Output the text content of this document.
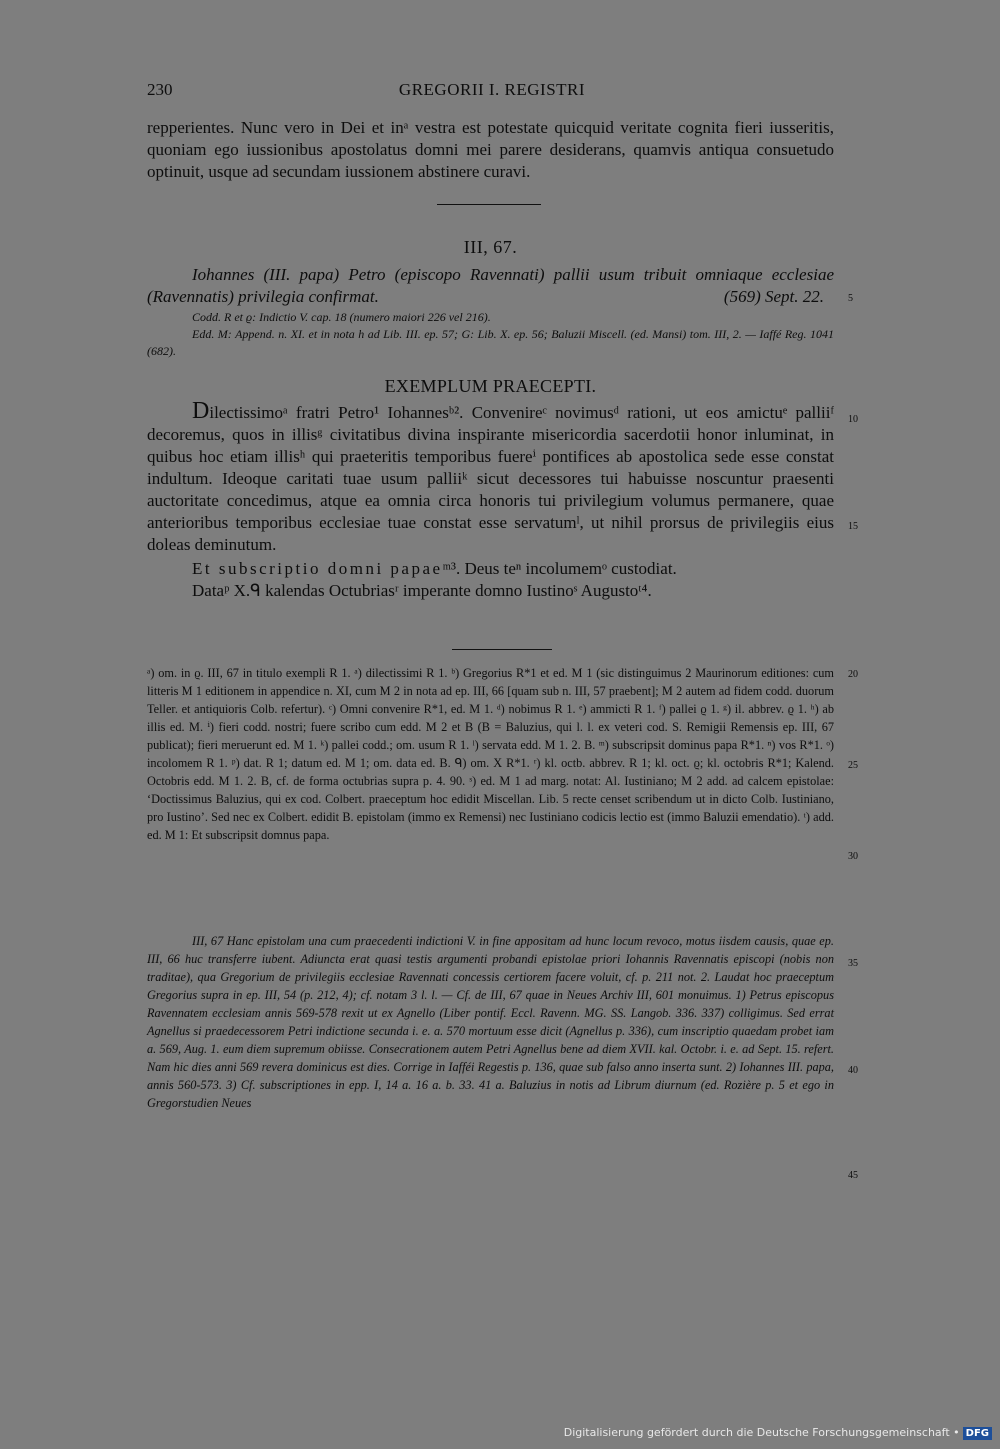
230	GREGORII I. REGISTRI
repperientes. Nunc vero in Dei et inᵃ vestra est potestate quicquid veritate cognita fieri iusseritis, quoniam ego iussionibus apostolatus domni mei parere desiderans, quamvis antiqua consuetudo optinuit, usque ad secundam iussionem abstinere curavi.
III, 67.
Iohannes (III. papa) Petro (episcopo Ravennati) pallii usum tribuit omniaque ecclesiae (Ravennatis) privilegia confirmat.	(569) Sept. 22.
Codd. R et ϱ: Indictio V. cap. 18 (numero maiori 226 vel 216).
Edd. M: Append. n. XI. et in nota h ad Lib. III. ep. 57; G: Lib. X. ep. 56; Baluzii Miscell. (ed. Mansi) tom. III, 2. — Iaffé Reg. 1041 (682).
EXEMPLUM PRAECEPTI.
Dilectissimoᵃ fratri Petro¹ Iohannesᵇ². Convenireᶜ novimusᵈ rationi, ut eos amictuᵉ palliiᶠ decoremus, quos in illisᵍ civitatibus divina inspirante misericordia sacerdotii honor inluminat, in quibus hoc etiam illisʰ qui praeteritis temporibus fuereⁱ pontifices ab apostolica sede esse constat indultum. Ideoque caritati tuae usum palliiᵏ sicut decessores tui habuisse noscuntur praesenti auctoritate concedimus, atque ea omnia circa honoris tui privilegium volumus permanere, quae anterioribus temporibus ecclesiae tuae constat esse servatumˡ, ut nihil prorsus de privilegiis eius doleas deminutum.
Et subscriptio domni papaeᵐ³. Deus teⁿ incolumemᵒ custodiat.
Dataᵖ X.ᑫ kalendas Octubriasʳ imperante domno Iustinoˢ Augustoᵗ⁴.
ᵃ) om. in ϱ. III, 67 in titulo exempli R 1. ᵃ) dilectissimi R 1. ᵇ) Gregorius R*1 et ed. M 1 (sic distinguimus 2 Maurinorum editiones: cum litteris M 1 editionem in appendice n. XI, cum M 2 in nota ad ep. III, 66 [quam sub n. III, 57 praebent]; M 2 autem ad fidem codd. duorum Teller. et antiquioris Colb. refertur). ᶜ) Omni convenire R*1, ed. M 1. ᵈ) nobimus R 1. ᵉ) ammicti R 1. ᶠ) pallei ϱ 1. ᵍ) il. abbrev. ϱ 1. ʰ) ab illis ed. M. ⁱ) fieri codd. nostri; fuere scribo cum edd. M 2 et B (B = Baluzius, qui l. l. ex veteri cod. S. Remigii Remensis ep. III, 67 publicat); fieri meruerunt ed. M 1. ᵏ) pallei codd.; om. usum R 1. ˡ) servata edd. M 1. 2. B. ᵐ) subscripsit dominus papa R*1. ⁿ) vos R*1. ᵒ) incolomem R 1. ᵖ) dat. R 1; datum ed. M 1; om. data ed. B. ᑫ) om. X R*1. ʳ) kl. octb. abbrev. R 1; kl. oct. ϱ; kl. octobris R*1; Kalend. Octobris edd. M 1. 2. B, cf. de forma octubrias supra p. 4. 90. ˢ) ed. M 1 ad marg. notat: Al. Iustiniano; M 2 add. ad calcem epistolae: ‘Doctissimus Baluzius, qui ex cod. Colbert. praeceptum hoc edidit Miscellan. Lib. 5 recte censet scribendum ut in dicto Colb. Iustiniano, pro Iustino’. Sed nec ex Colbert. edidit B. epistolam (immo ex Remensi) nec Iustiniano codicis lectio est (immo Baluzii emendatio). ᵗ) add. ed. M 1: Et subscripsit domnus papa.
III, 67 Hanc epistolam una cum praecedenti indictioni V. in fine appositam ad hunc locum revoco, motus iisdem causis, quae ep. III, 66 huc transferre iubent. Adiuncta erat quasi testis argumenti probandi epistolae priori Iohannis Ravennatis episcopi (nobis non traditae), qua Gregorium de privilegiis ecclesiae Ravennati concessis certiorem facere voluit, cf. p. 211 not. 2. Laudat hoc praeceptum Gregorius supra in ep. III, 54 (p. 212, 4); cf. notam 3 l. l. — Cf. de III, 67 quae in Neues Archiv III, 601 monuimus. 1) Petrus episcopus Ravennatem ecclesiam annis 569-578 rexit ut ex Agnello (Liber pontif. Eccl. Ravenn. MG. SS. Langob. 336. 337) colligimus. Sed errat Agnellus si praedecessorem Petri indictione secunda i. e. a. 570 mortuum esse dicit (Agnellus p. 336), cum inscriptio quaedam probet iam a. 569, Aug. 1. eum diem supremum obiisse. Consecrationem autem Petri Agnellus bene ad diem XVII. kal. Octobr. i. e. ad Sept. 15. refert. Nam hic dies anni 569 revera dominicus est dies. Corrige in Iafféi Regestis p. 136, quae sub falso anno inserta sunt. 2) Iohannes III. papa, annis 560-573. 3) Cf. subscriptiones in epp. I, 14 a. 16 a. b. 33. 41 a. Baluzius in notis ad Librum diurnum (ed. Rozière p. 5 et ego in Gregorstudien Neues
5
10
15
20
25
30
35
40
45
Digitalisierung gefördert durch die Deutsche Forschungsgemeinschaft • DFG
